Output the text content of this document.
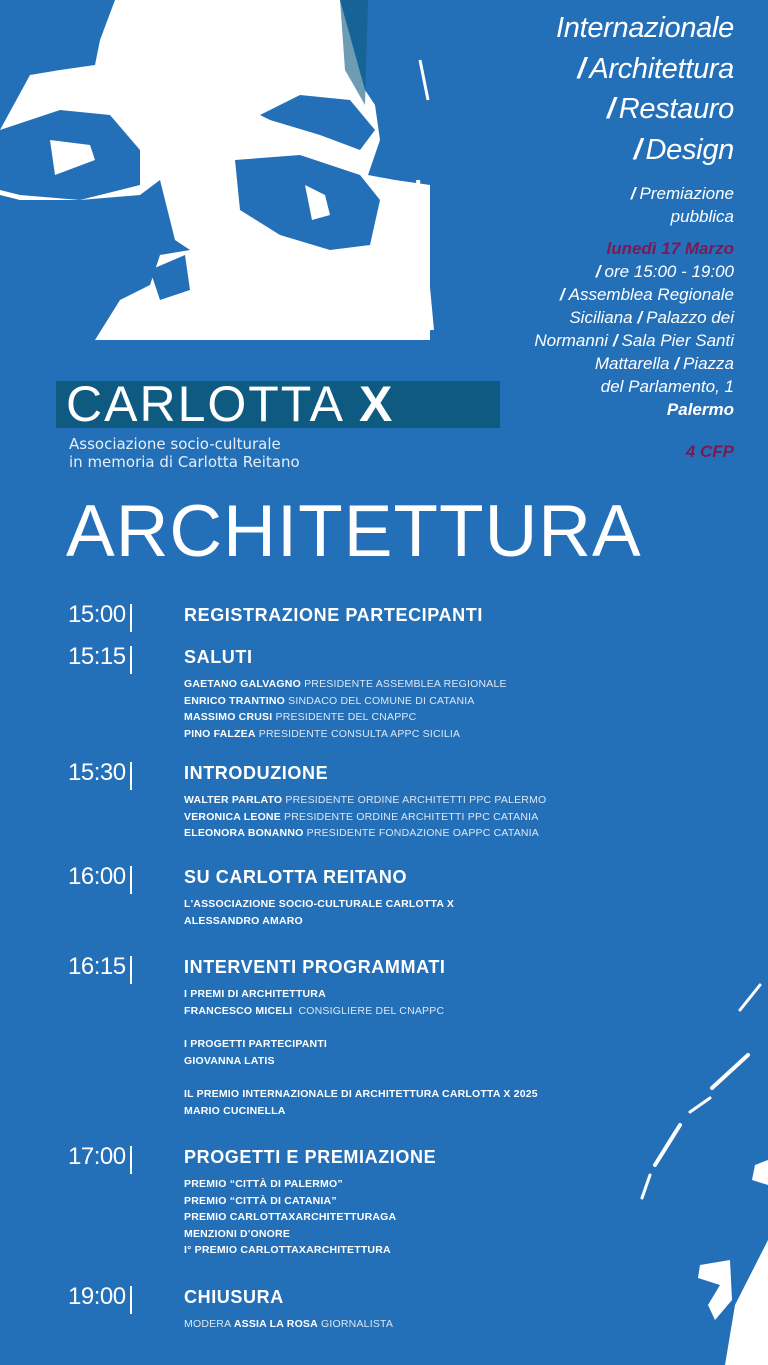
Internazionale
/ Architettura
/ Restauro
/ Design
/ Premiazione
pubblica
lunedì 17 Marzo
/ ore 15:00 - 19:00
/ Assemblea Regionale
Siciliana / Palazzo dei
Normanni / Sala Pier Santi
Mattarella / Piazza
del Parlamento, 1
Palermo
4 CFP
CARLOTTA X
Associazione socio-culturale
in memoria di Carlotta Reitano
ARCHITETTURA
15:00	REGISTRAZIONE PARTECIPANTI
15:15	SALUTI
GAETANO GALVAGNO PRESIDENTE ASSEMBLEA REGIONALE
ENRICO TRANTINO SINDACO DEL COMUNE DI CATANIA
MASSIMO CRUSI PRESIDENTE DEL CNAPPC
PINO FALZEA PRESIDENTE CONSULTA APPC SICILIA
15:30	INTRODUZIONE
WALTER PARLATO PRESIDENTE ORDINE ARCHITETTI PPC PALERMO
VERONICA LEONE PRESIDENTE ORDINE ARCHITETTI PPC CATANIA
ELEONORA BONANNO PRESIDENTE FONDAZIONE OAPPC CATANIA
16:00	SU CARLOTTA REITANO
L'ASSOCIAZIONE SOCIO-CULTURALE CARLOTTA X
ALESSANDRO AMARO
16:15	INTERVENTI PROGRAMMATI
I PREMI DI ARCHITETTURA
FRANCESCO MICELI CONSIGLIERE DEL CNAPPC
I PROGETTI PARTECIPANTI
GIOVANNA LATIS
IL PREMIO INTERNAZIONALE DI ARCHITETTURA CARLOTTA X 2025
MARIO CUCINELLA
17:00	PROGETTI E PREMIAZIONE
PREMIO “CITTÀ DI PALERMO”
PREMIO “CITTÀ DI CATANIA”
PREMIO CARLOTTAXARCHITETTURAGA
MENZIONI D'ONORE
I° PREMIO CARLOTTAXARCHITETTURA
19:00	CHIUSURA
MODERA ASSIA LA ROSA GIORNALISTA
